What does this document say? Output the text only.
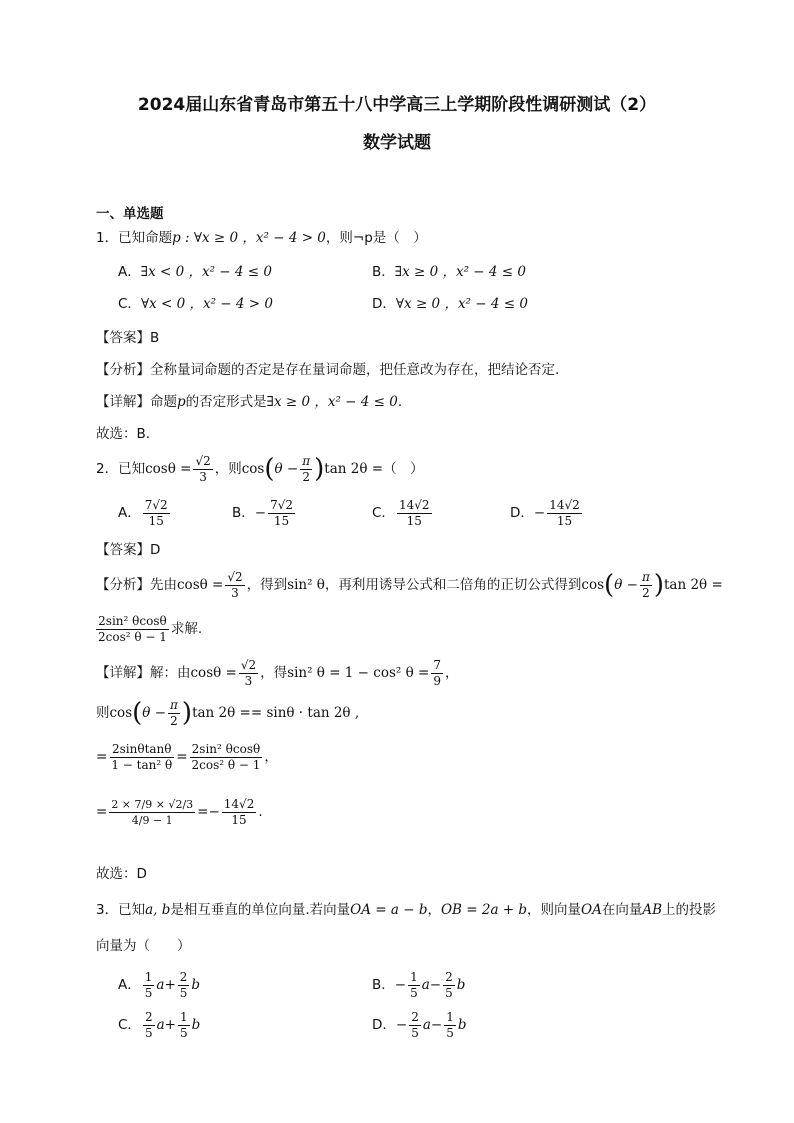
2024届山东省青岛市第五十八中学高三上学期阶段性调研测试（2）
数学试题
一、单选题
1．已知命题p : ∀x ≥ 0 ，x² − 4 > 0，则¬p是（　）
A．∃x < 0 ，x² − 4 ≤ 0	B．∃x ≥ 0 ，x² − 4 ≤ 0
C．∀x < 0 ，x² − 4 > 0	D．∀x ≥ 0 ，x² − 4 ≤ 0
【答案】B
【分析】全称量词命题的否定是存在量词命题，把任意改为存在，把结论否定.
【详解】命题p的否定形式是∃x ≥ 0 ，x² − 4 ≤ 0.
故选：B.
2．已知$\cos\theta = \frac{√2}{3}$ ，则$\cos(\theta - \frac{\pi}{2} )\tan$ 2θ =（　）
A． $\frac{7√2}{15}$	B．− $\frac{7√2}{15}$	C． $\frac{14√2}{15}$	D．− $\frac{14√2}{15}$
【答案】D
【分析】先由$\cos\theta = \frac{√2}{3}$ ，得到sin² θ，再利用诱导公式和二倍角的正切公式得到$\cos(\theta - \frac{\pi}{2} )\tan$ 2θ =
$\frac{\text{2sin² θcosθ}}{\text{2cos² θ − 1}}$ 求解.
【详解】解：由$\cos\theta = \frac{√2}{3}$ ，得sin² θ = 1 − cos² $\theta = \frac{7}{9}$ ，
则$\cos(\theta - \frac{\pi}{2} )\tan$ 2θ == sinθ · tan 2θ ,
= $\frac{2\sin\theta\tan\theta}{\text{1 − tan² θ}} = \frac{\text{2sin² θcosθ}}{\text{2cos² θ − 1}}$ ，
= $\frac{2 \times 7/9 \times √2/3}{4/9 - 1} =- \frac{14√2}{15}$ .
故选：D
3．已知a, b是相互垂直的单位向量.若向量OA = a − b，OB = 2a + b，则向量OA在向量AB上的投影
向量为（　　）
A． $\frac{1}{5} a+ \frac{2}{5}$ b	B．− $\frac{1}{5} a- \frac{2}{5}$ b
C． $\frac{2}{5} a+ \frac{1}{5}$ b	D．− $\frac{2}{5} a- \frac{1}{5}$ b
